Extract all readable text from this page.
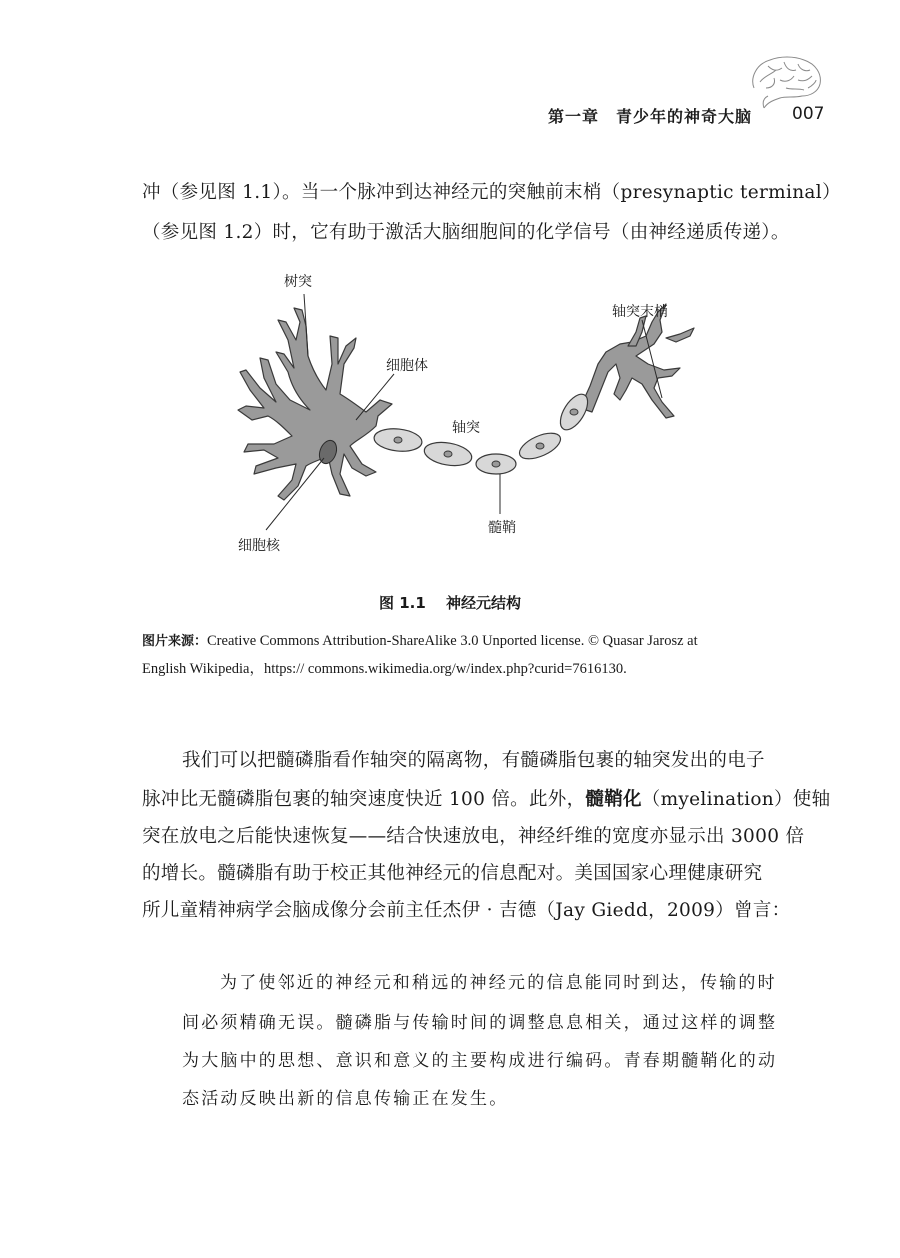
第一章　青少年的神奇大脑 007
冲（参见图 1.1）。当一个脉冲到达神经元的突触前末梢（presynaptic terminal）
（参见图 1.2）时，它有助于激活大脑细胞间的化学信号（由神经递质传递）。
树突
细胞体
轴突
轴突末梢
髓鞘
细胞核
图 1.1　 神经元结构
图片来源：Creative Commons Attribution-ShareAlike 3.0 Unported license. © Quasar Jarosz at
English Wikipedia，https:// commons.wikimedia.org/w/index.php?curid=7616130.
我们可以把髓磷脂看作轴突的隔离物，有髓磷脂包裹的轴突发出的电子
脉冲比无髓磷脂包裹的轴突速度快近 100 倍。此外，髓鞘化（myelination）使轴
突在放电之后能快速恢复——结合快速放电，神经纤维的宽度亦显示出 3000 倍
的增长。髓磷脂有助于校正其他神经元的信息配对。美国国家心理健康研究
所儿童精神病学会脑成像分会前主任杰伊 · 吉德（Jay Giedd，2009）曾言：
为了使邻近的神经元和稍远的神经元的信息能同时到达，传输的时
间必须精确无误。髓磷脂与传输时间的调整息息相关，通过这样的调整
为大脑中的思想、意识和意义的主要构成进行编码。青春期髓鞘化的动
态活动反映出新的信息传输正在发生。
